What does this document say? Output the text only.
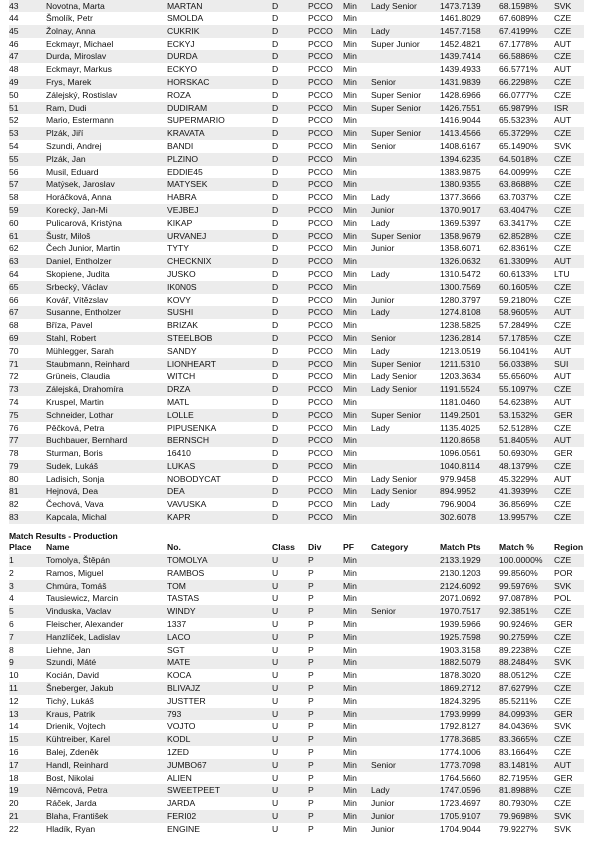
43	Novotna, Marta	MARTAN	D	PCCO	Min	Lady Senior	1473.7139	68.1598%	SVK
44	Šmolík, Petr	SMOLDA	D	PCCO	Min		1461.8029	67.6089%	CZE
45	Žolnay, Anna	CUKRIK	D	PCCO	Min	Lady	1457.7158	67.4199%	CZE
46	Eckmayr, Michael	ECKYJ	D	PCCO	Min	Super Junior	1452.4821	67.1778%	AUT
47	Durda, Miroslav	DURDA	D	PCCO	Min		1439.7414	66.5886%	CZE
48	Eckmayr, Markus	ECKYO	D	PCCO	Min		1439.4933	66.5771%	AUT
49	Frys, Marek	HORSKAC	D	PCCO	Min	Senior	1431.9839	66.2298%	CZE
50	Zálejský, Rostislav	ROZA	D	PCCO	Min	Super Senior	1428.6966	66.0777%	CZE
51	Ram, Dudi	DUDIRAM	D	PCCO	Min	Super Senior	1426.7551	65.9879%	ISR
52	Mario, Estermann	SUPERMARIO	D	PCCO	Min		1416.9044	65.5323%	AUT
53	Plzák, Jiří	KRAVATA	D	PCCO	Min	Super Senior	1413.4566	65.3729%	CZE
54	Szundi, Andrej	BANDI	D	PCCO	Min	Senior	1408.6167	65.1490%	SVK
55	Plzák, Jan	PLZINO	D	PCCO	Min		1394.6235	64.5018%	CZE
56	Musil, Eduard	EDDIE45	D	PCCO	Min		1383.9875	64.0099%	CZE
57	Matýsek, Jaroslav	MATYSEK	D	PCCO	Min		1380.9355	63.8688%	CZE
58	Horáčková, Anna	HABRA	D	PCCO	Min	Lady	1377.3666	63.7037%	CZE
59	Korecký, Jan-Mi	VEJBEJ	D	PCCO	Min	Junior	1370.9017	63.4047%	CZE
60	Pulicarová, Kristýna	KIKAP	D	PCCO	Min	Lady	1369.5397	63.3417%	CZE
61	Šustr, Miloš	URVANEJ	D	PCCO	Min	Super Senior	1358.9679	62.8528%	CZE
62	Čech Junior, Martin	TYTY	D	PCCO	Min	Junior	1358.6071	62.8361%	CZE
63	Daniel, Entholzer	CHECKNIX	D	PCCO	Min		1326.0632	61.3309%	AUT
64	Skopiene, Judita	JUSKO	D	PCCO	Min	Lady	1310.5472	60.6133%	LTU
65	Srbecký, Václav	IK0N0S	D	PCCO	Min		1300.7569	60.1605%	CZE
66	Kovář, Vítězslav	KOVY	D	PCCO	Min	Junior	1280.3797	59.2180%	CZE
67	Susanne, Entholzer	SUSHI	D	PCCO	Min	Lady	1274.8108	58.9605%	AUT
68	Bříza, Pavel	BRIZAK	D	PCCO	Min		1238.5825	57.2849%	CZE
69	Stahl, Robert	STEELBOB	D	PCCO	Min	Senior	1236.2814	57.1785%	CZE
70	Mühlegger, Sarah	SANDY	D	PCCO	Min	Lady	1213.0519	56.1041%	AUT
71	Staubmann, Reinhard	LIONHEART	D	PCCO	Min	Super Senior	1211.5310	56.0338%	SUI
72	Grüneis, Claudia	WITCH	D	PCCO	Min	Lady Senior	1203.3634	55.6560%	AUT
73	Zálejská, Drahomíra	DRZA	D	PCCO	Min	Lady Senior	1191.5524	55.1097%	CZE
74	Kruspel, Martin	MATL	D	PCCO	Min		1181.0460	54.6238%	AUT
75	Schneider, Lothar	LOLLE	D	PCCO	Min	Super Senior	1149.2501	53.1532%	GER
76	Pěčková, Petra	PIPUSENKA	D	PCCO	Min	Lady	1135.4025	52.5128%	CZE
77	Buchbauer, Bernhard	BERNSCH	D	PCCO	Min		1120.8658	51.8405%	AUT
78	Sturman, Boris	16410	D	PCCO	Min		1096.0561	50.6930%	GER
79	Sudek, Lukáš	LUKAS	D	PCCO	Min		1040.8114	48.1379%	CZE
80	Ladisich, Sonja	NOBODYCAT	D	PCCO	Min	Lady Senior	979.9458	45.3229%	AUT
81	Hejnová, Dea	DEA	D	PCCO	Min	Lady Senior	894.9952	41.3939%	CZE
82	Čechová, Vava	VAVUSKA	D	PCCO	Min	Lady	796.9004	36.8569%	CZE
83	Kapcala, Michal	KAPR	D	PCCO	Min		302.6078	13.9957%	CZE
Match Results - Production
Place	Name	No.	Class	Div	PF	Category	Match Pts	Match %	Region
1	Tomolya, Štěpán	TOMOLYA	U	P	Min		2133.1929	100.0000%	CZE
2	Ramos, Miguel	RAMBOS	U	P	Min		2130.1203	99.8560%	POR
3	Chmúra, Tomáš	TOM	U	P	Min		2124.6092	99.5976%	SVK
4	Tausiewicz, Marcin	TASTAS	U	P	Min		2071.0692	97.0878%	POL
5	Vinduska, Vaclav	WINDY	U	P	Min	Senior	1970.7517	92.3851%	CZE
6	Fleischer, Alexander	1337	U	P	Min		1939.5966	90.9246%	GER
7	Hanzlíček, Ladislav	LACO	U	P	Min		1925.7598	90.2759%	CZE
8	Liehne, Jan	SGT	U	P	Min		1903.3158	89.2238%	CZE
9	Szundi, Máté	MATE	U	P	Min		1882.5079	88.2484%	SVK
10	Kocián, David	KOCA	U	P	Min		1878.3020	88.0512%	CZE
11	Šneberger, Jakub	BLIVAJZ	U	P	Min		1869.2712	87.6279%	CZE
12	Tichý, Lukáš	JUSTTER	U	P	Min		1824.3295	85.5211%	CZE
13	Kraus, Patrik	793	U	P	Min		1793.9999	84.0993%	GER
14	Drienik, Vojtech	VOJTO	U	P	Min		1792.8127	84.0436%	SVK
15	Kühtreiber, Karel	KODL	U	P	Min		1778.3685	83.3665%	CZE
16	Balej, Zdeněk	1ZED	U	P	Min		1774.1006	83.1664%	CZE
17	Handl, Reinhard	JUMBO67	U	P	Min	Senior	1773.7098	83.1481%	AUT
18	Bost, Nikolai	ALIEN	U	P	Min		1764.5660	82.7195%	GER
19	Němcová, Petra	SWEETPEET	U	P	Min	Lady	1747.0596	81.8988%	CZE
20	Ráček, Jarda	JARDA	U	P	Min	Junior	1723.4697	80.7930%	CZE
21	Blaha, František	FERI02	U	P	Min	Junior	1705.9107	79.9698%	SVK
22	Hladík, Ryan	ENGINE	U	P	Min	Junior	1704.9044	79.9227%	SVK
